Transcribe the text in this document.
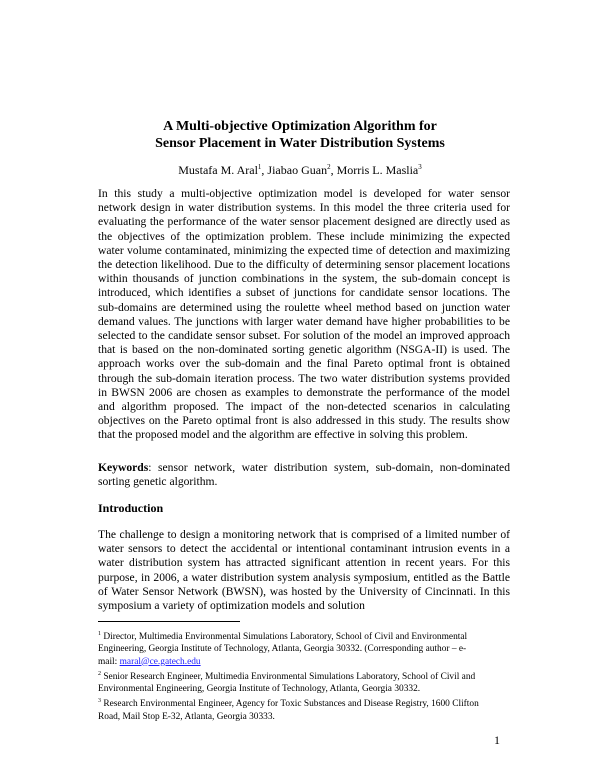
A Multi-objective Optimization Algorithm for
Sensor Placement in Water Distribution Systems
Mustafa M. Aral$^1$, Jiabao Guan$^2$, Morris L. Maslia$^3$
In this study a multi-objective optimization model is developed for water sensor network design in water distribution systems. In this model the three criteria used for evaluating the performance of the water sensor placement designed are directly used as the objectives of the optimization problem. These include minimizing the expected water volume contaminated, minimizing the expected time of detection and maximizing the detection likelihood. Due to the difficulty of determining sensor placement locations within thousands of junction combinations in the system, the sub-domain concept is introduced, which identifies a subset of junctions for candidate sensor locations. The sub-domains are determined using the roulette wheel method based on junction water demand values. The junctions with larger water demand have higher probabilities to be selected to the candidate sensor subset. For solution of the model an improved approach that is based on the non-dominated sorting genetic algorithm (NSGA-II) is used. The approach works over the sub-domain and the final Pareto optimal front is obtained through the sub-domain iteration process. The two water distribution systems provided in BWSN 2006 are chosen as examples to demonstrate the performance of the model and algorithm proposed. The impact of the non-detected scenarios in calculating objectives on the Pareto optimal front is also addressed in this study. The results show that the proposed model and the algorithm are effective in solving this problem.
Keywords: sensor network, water distribution system, sub-domain, non-dominated sorting genetic algorithm.
Introduction
The challenge to design a monitoring network that is comprised of a limited number of water sensors to detect the accidental or intentional contaminant intrusion events in a water distribution system has attracted significant attention in recent years. For this purpose, in 2006, a water distribution system analysis symposium, entitled as the Battle of Water Sensor Network (BWSN), was hosted by the University of Cincinnati. In this symposium a variety of optimization models and solution
$^1$ Director, Multimedia Environmental Simulations Laboratory, School of Civil and Environmental
Engineering, Georgia Institute of Technology, Atlanta, Georgia 30332. (Corresponding author – e-
mail: maral@ce.gatech.edu
$^2$ Senior Research Engineer, Multimedia Environmental Simulations Laboratory, School of Civil and
Environmental Engineering, Georgia Institute of Technology, Atlanta, Georgia 30332.
$^3$ Research Environmental Engineer, Agency for Toxic Substances and Disease Registry, 1600 Clifton
Road, Mail Stop E-32, Atlanta, Georgia 30333.
1
